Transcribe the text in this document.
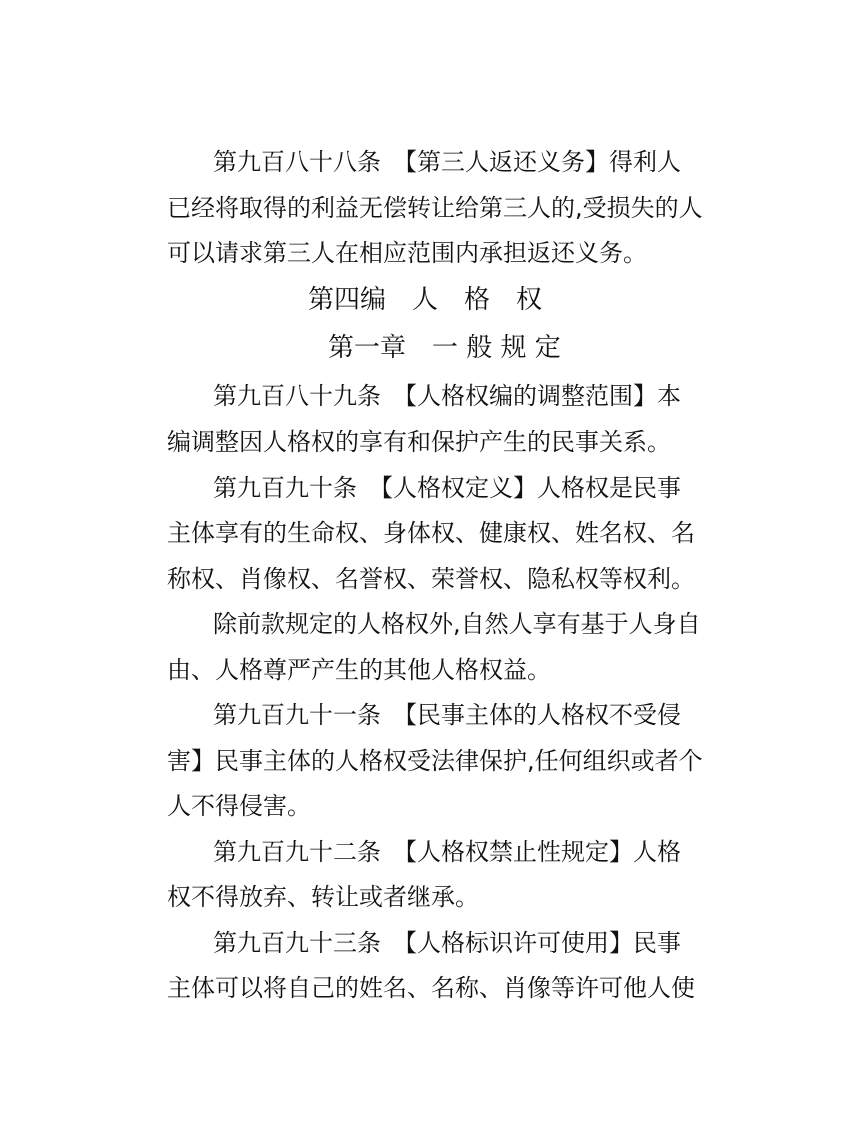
第九百八十八条　【第三人返还义务】得利人
已经将取得的利益无偿转让给第三人的,受损失的人
可以请求第三人在相应范围内承担返还义务。
第四编　人　格　权
第一章　一 般 规 定
第九百八十九条　【人格权编的调整范围】本
编调整因人格权的享有和保护产生的民事关系。
第九百九十条　【人格权定义】人格权是民事
主体享有的生命权、身体权、健康权、姓名权、名
称权、肖像权、名誉权、荣誉权、隐私权等权利。
除前款规定的人格权外,自然人享有基于人身自
由、人格尊严产生的其他人格权益。
第九百九十一条　【民事主体的人格权不受侵
害】民事主体的人格权受法律保护,任何组织或者个
人不得侵害。
第九百九十二条　【人格权禁止性规定】人格
权不得放弃、转让或者继承。
第九百九十三条　【人格标识许可使用】民事
主体可以将自己的姓名、名称、肖像等许可他人使
